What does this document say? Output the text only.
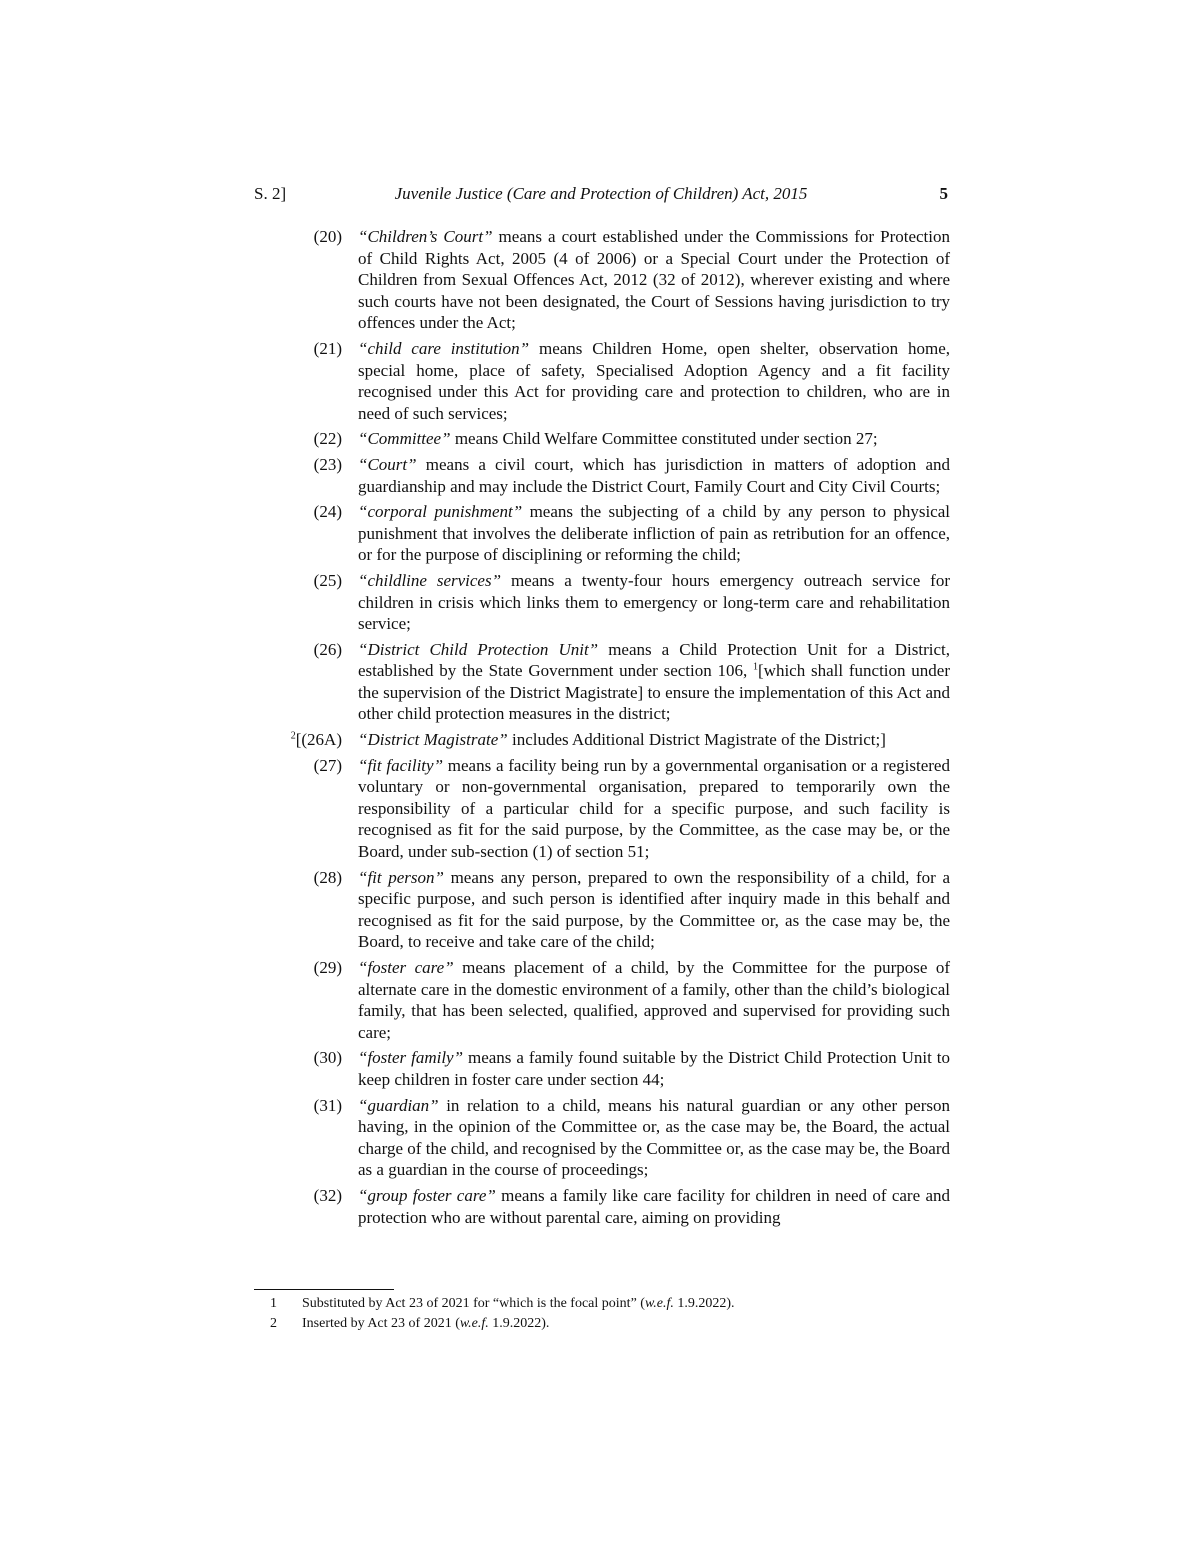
S. 2]	Juvenile Justice (Care and Protection of Children) Act, 2015	5
(20) “Children’s Court” means a court established under the Commissions for Protection of Child Rights Act, 2005 (4 of 2006) or a Special Court under the Protection of Children from Sexual Offences Act, 2012 (32 of 2012), wherever existing and where such courts have not been designated, the Court of Sessions having jurisdiction to try offences under the Act;
(21) “child care institution” means Children Home, open shelter, observation home, special home, place of safety, Specialised Adoption Agency and a fit facility recognised under this Act for providing care and protection to children, who are in need of such services;
(22) “Committee” means Child Welfare Committee constituted under section 27;
(23) “Court” means a civil court, which has jurisdiction in matters of adoption and guardianship and may include the District Court, Family Court and City Civil Courts;
(24) “corporal punishment” means the subjecting of a child by any person to physical punishment that involves the deliberate infliction of pain as retribution for an offence, or for the purpose of disciplining or reforming the child;
(25) “childline services” means a twenty-four hours emergency outreach service for children in crisis which links them to emergency or long-term care and rehabilitation service;
(26) “District Child Protection Unit” means a Child Protection Unit for a District, established by the State Government under section 106, $^1$[which shall function under the supervision of the District Magistrate] to ensure the implementation of this Act and other child protection measures in the district;
$^2$[(26A) “District Magistrate” includes Additional District Magistrate of the District;]
(27) “fit facility” means a facility being run by a governmental organisation or a registered voluntary or non-governmental organisation, prepared to temporarily own the responsibility of a particular child for a specific purpose, and such facility is recognised as fit for the said purpose, by the Committee, as the case may be, or the Board, under sub-section (1) of section 51;
(28) “fit person” means any person, prepared to own the responsibility of a child, for a specific purpose, and such person is identified after inquiry made in this behalf and recognised as fit for the said purpose, by the Committee or, as the case may be, the Board, to receive and take care of the child;
(29) “foster care” means placement of a child, by the Committee for the purpose of alternate care in the domestic environment of a family, other than the child’s biological family, that has been selected, qualified, approved and supervised for providing such care;
(30) “foster family” means a family found suitable by the District Child Protection Unit to keep children in foster care under section 44;
(31) “guardian” in relation to a child, means his natural guardian or any other person having, in the opinion of the Committee or, as the case may be, the Board, the actual charge of the child, and recognised by the Committee or, as the case may be, the Board as a guardian in the course of proceedings;
(32) “group foster care” means a family like care facility for children in need of care and protection who are without parental care, aiming on providing
1 Substituted by Act 23 of 2021 for “which is the focal point” (w.e.f. 1.9.2022).
2 Inserted by Act 23 of 2021 (w.e.f. 1.9.2022).
